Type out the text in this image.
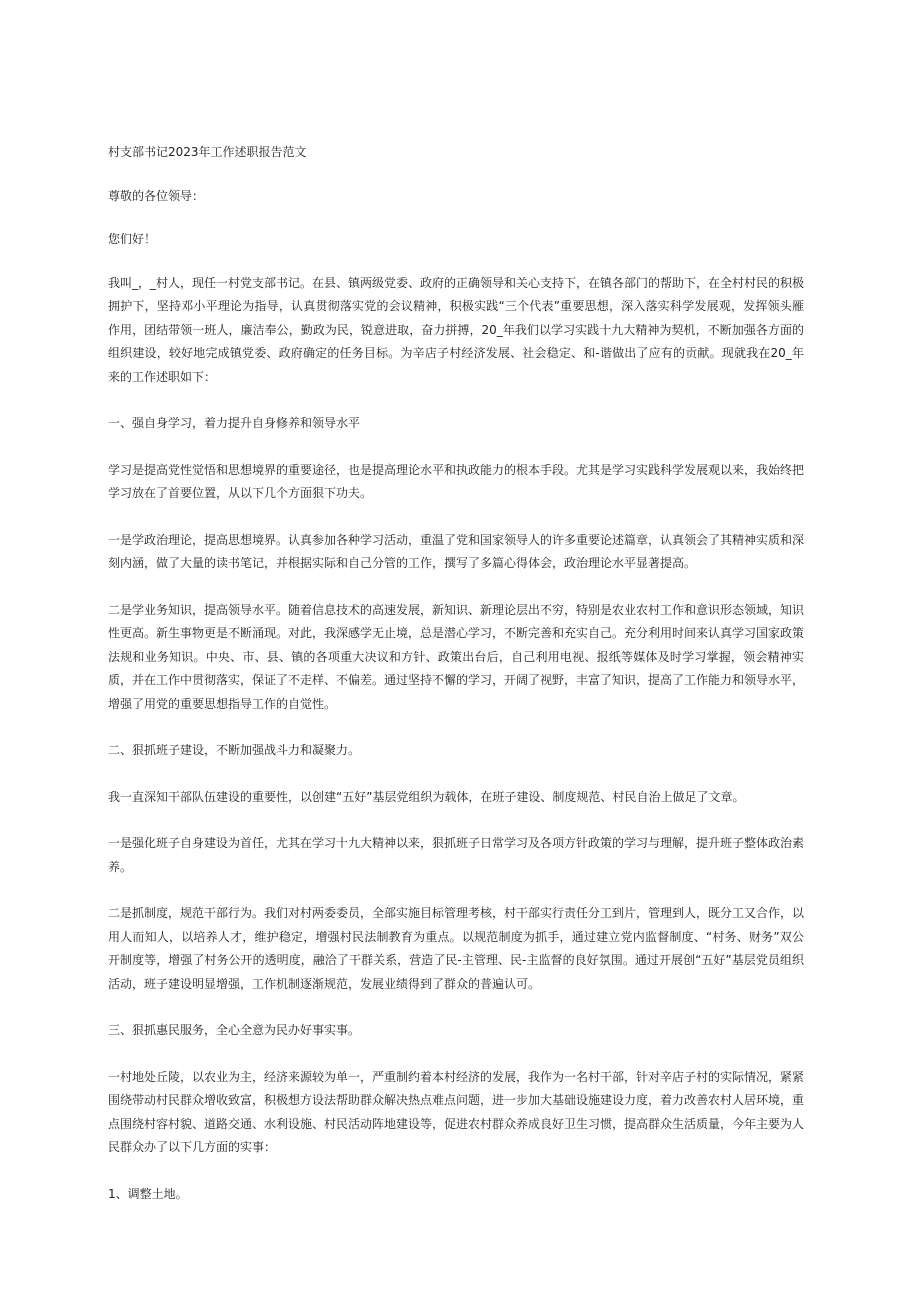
村支部书记2023年工作述职报告范文

尊敬的各位领导：

您们好！

我叫_，_村人，现任一村党支部书记。在县、镇两级党委、政府的正确领导和关心支持下，在镇各部门的帮助下，在全村村民的积极拥护下，坚持邓小平理论为指导，认真贯彻落实党的会议精神，积极实践“三个代表”重要思想，深入落实科学发展观，发挥领头雁作用，团结带领一班人，廉洁奉公，勤政为民，锐意进取，奋力拼搏，20_年我们以学习实践十九大精神为契机，不断加强各方面的组织建设，较好地完成镇党委、政府确定的任务目标。为辛店子村经济发展、社会稳定、和-谐做出了应有的贡献。现就我在20_年来的工作述职如下：

一、强自身学习，着力提升自身修养和领导水平

学习是提高党性觉悟和思想境界的重要途径，也是提高理论水平和执政能力的根本手段。尤其是学习实践科学发展观以来，我始终把学习放在了首要位置，从以下几个方面狠下功夫。

一是学政治理论，提高思想境界。认真参加各种学习活动，重温了党和国家领导人的许多重要论述篇章，认真领会了其精神实质和深刻内涵，做了大量的读书笔记，并根据实际和自己分管的工作，撰写了多篇心得体会，政治理论水平显著提高。

二是学业务知识，提高领导水平。随着信息技术的高速发展，新知识、新理论层出不穷，特别是农业农村工作和意识形态领域，知识性更高。新生事物更是不断涌现。对此，我深感学无止境，总是潜心学习，不断完善和充实自己。充分利用时间来认真学习国家政策法规和业务知识。中央、市、县、镇的各项重大决议和方针、政策出台后，自己利用电视、报纸等媒体及时学习掌握，领会精神实质，并在工作中贯彻落实，保证了不走样、不偏差。通过坚持不懈的学习，开阔了视野，丰富了知识，提高了工作能力和领导水平，增强了用党的重要思想指导工作的自觉性。

二、狠抓班子建设，不断加强战斗力和凝聚力。

我一直深知干部队伍建设的重要性，以创建“五好”基层党组织为载体，在班子建设、制度规范、村民自治上做足了文章。

一是强化班子自身建设为首任，尤其在学习十九大精神以来，狠抓班子日常学习及各项方针政策的学习与理解，提升班子整体政治素养。

二是抓制度，规范干部行为。我们对村两委委员，全部实施目标管理考核，村干部实行责任分工到片，管理到人，既分工又合作，以用人而知人，以培养人才，维护稳定，增强村民法制教育为重点。以规范制度为抓手，通过建立党内监督制度、“村务、财务”双公开制度等，增强了村务公开的透明度，融洽了干群关系，营造了民-主管理、民-主监督的良好氛围。通过开展创“五好”基层党员组织活动，班子建设明显增强，工作机制逐渐规范，发展业绩得到了群众的普遍认可。

三、狠抓惠民服务，全心全意为民办好事实事。

一村地处丘陵，以农业为主，经济来源较为单一，严重制约着本村经济的发展，我作为一名村干部，针对辛店子村的实际情况，紧紧围绕带动村民群众增收致富，积极想方设法帮助群众解决热点难点问题，进一步加大基础设施建设力度，着力改善农村人居环境，重点围绕村容村貌、道路交通、水利设施、村民活动阵地建设等，促进农村群众养成良好卫生习惯，提高群众生活质量，今年主要为人民群众办了以下几方面的实事：

1、调整土地。
